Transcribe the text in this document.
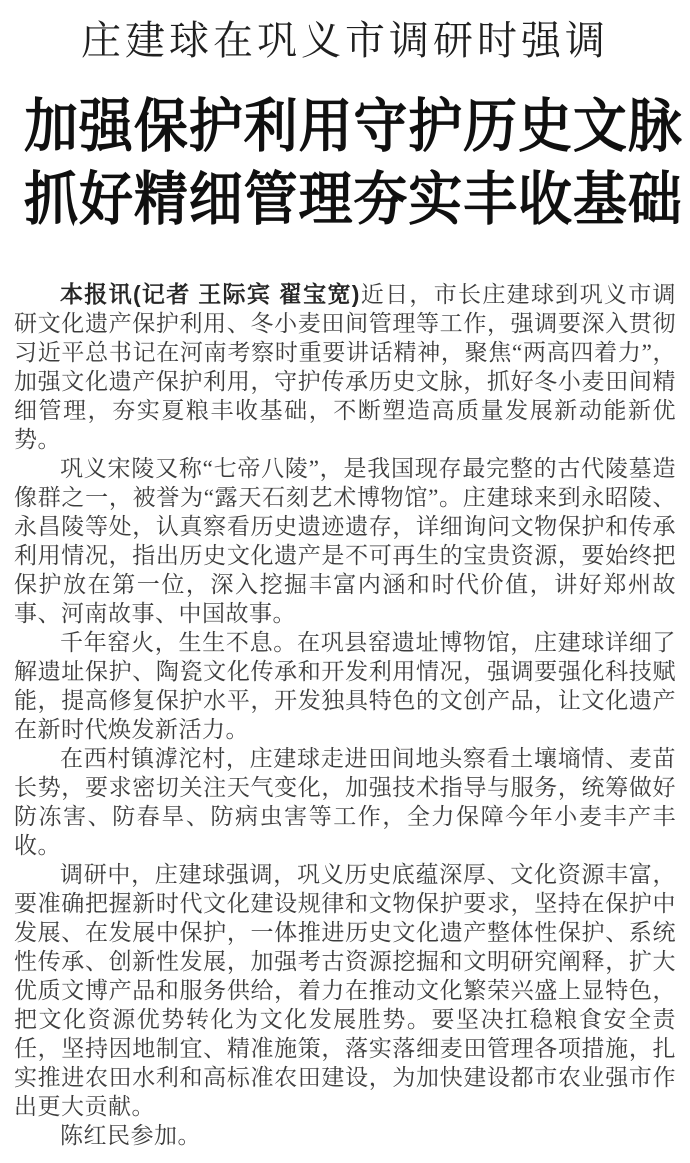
庄建球在巩义市调研时强调
加强保护利用守护历史文脉
抓好精细管理夯实丰收基础

本报讯(记者 王际宾 翟宝宽)近日，市长庄建球到巩义市调研文化遗产保护利用、冬小麦田间管理等工作，强调要深入贯彻习近平总书记在河南考察时重要讲话精神，聚焦“两高四着力”，加强文化遗产保护利用，守护传承历史文脉，抓好冬小麦田间精细管理，夯实夏粮丰收基础，不断塑造高质量发展新动能新优势。

巩义宋陵又称“七帝八陵”，是我国现存最完整的古代陵墓造像群之一，被誉为“露天石刻艺术博物馆”。庄建球来到永昭陵、永昌陵等处，认真察看历史遗迹遗存，详细询问文物保护和传承利用情况，指出历史文化遗产是不可再生的宝贵资源，要始终把保护放在第一位，深入挖掘丰富内涵和时代价值，讲好郑州故事、河南故事、中国故事。

千年窑火，生生不息。在巩县窑遗址博物馆，庄建球详细了解遗址保护、陶瓷文化传承和开发利用情况，强调要强化科技赋能，提高修复保护水平，开发独具特色的文创产品，让文化遗产在新时代焕发新活力。

在西村镇滹沱村，庄建球走进田间地头察看土壤墒情、麦苗长势，要求密切关注天气变化，加强技术指导与服务，统筹做好防冻害、防春旱、防病虫害等工作，全力保障今年小麦丰产丰收。

调研中，庄建球强调，巩义历史底蕴深厚、文化资源丰富，要准确把握新时代文化建设规律和文物保护要求，坚持在保护中发展、在发展中保护，一体推进历史文化遗产整体性保护、系统性传承、创新性发展，加强考古资源挖掘和文明研究阐释，扩大优质文博产品和服务供给，着力在推动文化繁荣兴盛上显特色，把文化资源优势转化为文化发展胜势。要坚决扛稳粮食安全责任，坚持因地制宜、精准施策，落实落细麦田管理各项措施，扎实推进农田水利和高标准农田建设，为加快建设都市农业强市作出更大贡献。

陈红民参加。
